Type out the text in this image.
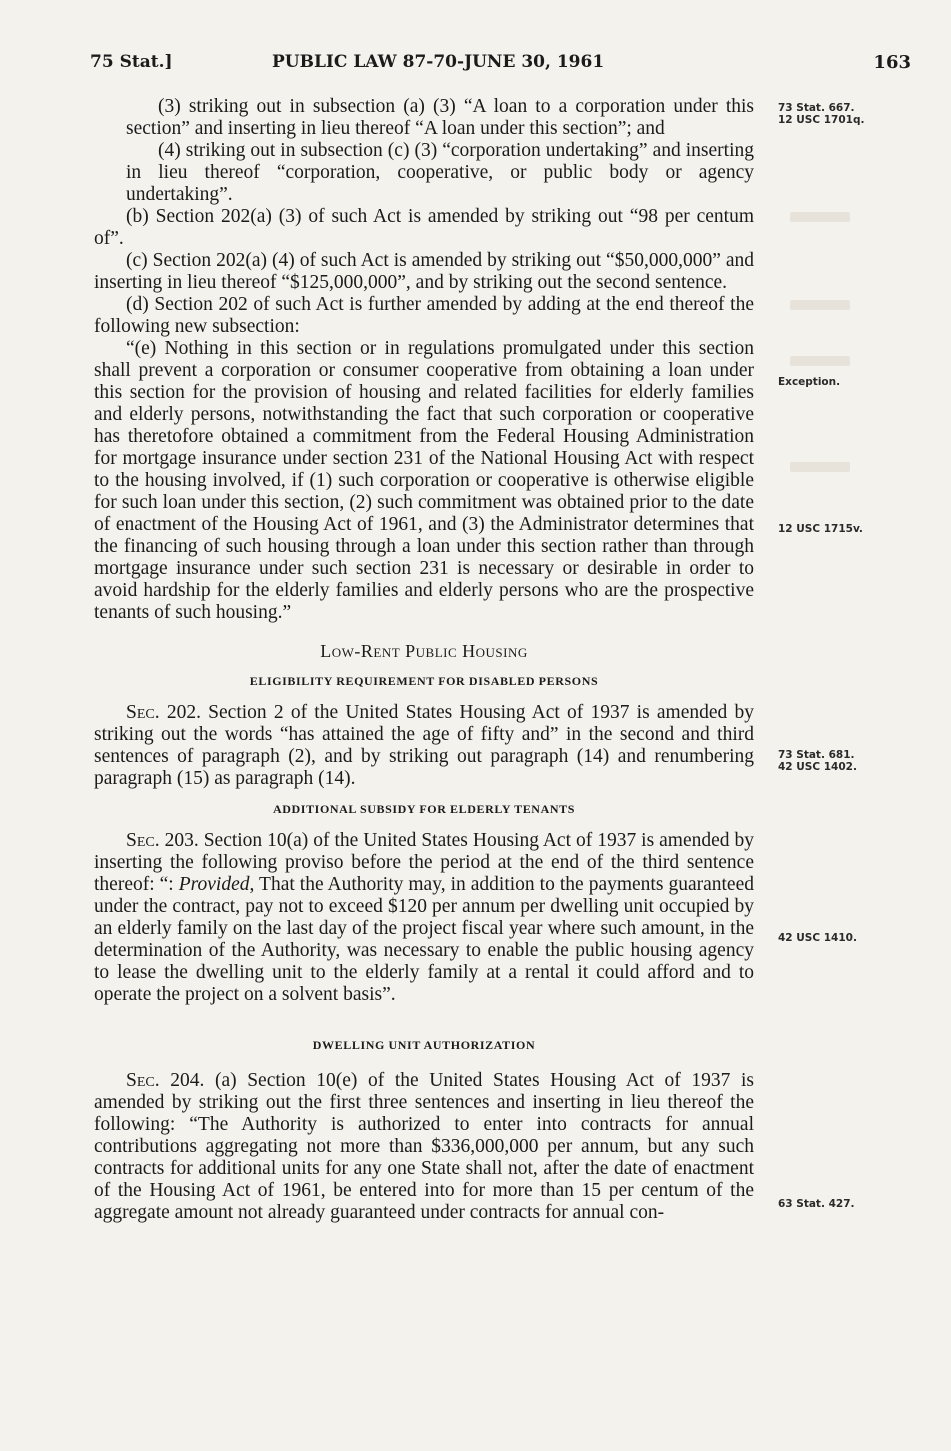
75 Stat.]	PUBLIC LAW 87-70-JUNE 30, 1961	163

(3) striking out in subsection (a) (3) “A loan to a corporation under this section” and inserting in lieu thereof “A loan under this section”; and

(4) striking out in subsection (c) (3) “corporation undertaking” and inserting in lieu thereof “corporation, cooperative, or public body or agency undertaking”.

(b) Section 202(a) (3) of such Act is amended by striking out “98 per centum of”.

(c) Section 202(a) (4) of such Act is amended by striking out “$50,000,000” and inserting in lieu thereof “$125,000,000”, and by striking out the second sentence.

(d) Section 202 of such Act is further amended by adding at the end thereof the following new subsection:

“(e) Nothing in this section or in regulations promulgated under this section shall prevent a corporation or consumer cooperative from obtaining a loan under this section for the provision of housing and related facilities for elderly families and elderly persons, notwithstanding the fact that such corporation or cooperative has theretofore obtained a commitment from the Federal Housing Administration for mortgage insurance under section 231 of the National Housing Act with respect to the housing involved, if (1) such corporation or cooperative is otherwise eligible for such loan under this section, (2) such commitment was obtained prior to the date of enactment of the Housing Act of 1961, and (3) the Administrator determines that the financing of such housing through a loan under this section rather than through mortgage insurance under such section 231 is necessary or desirable in order to avoid hardship for the elderly families and elderly persons who are the prospective tenants of such housing.”

Low-Rent Public Housing

ELIGIBILITY REQUIREMENT FOR DISABLED PERSONS

Sec. 202. Section 2 of the United States Housing Act of 1937 is amended by striking out the words “has attained the age of fifty and” in the second and third sentences of paragraph (2), and by striking out paragraph (14) and renumbering paragraph (15) as paragraph (14).

ADDITIONAL SUBSIDY FOR ELDERLY TENANTS

Sec. 203. Section 10(a) of the United States Housing Act of 1937 is amended by inserting the following proviso before the period at the end of the third sentence thereof: “: Provided, That the Authority may, in addition to the payments guaranteed under the contract, pay not to exceed $120 per annum per dwelling unit occupied by an elderly family on the last day of the project fiscal year where such amount, in the determination of the Authority, was necessary to enable the public housing agency to lease the dwelling unit to the elderly family at a rental it could afford and to operate the project on a solvent basis”.

DWELLING UNIT AUTHORIZATION

Sec. 204. (a) Section 10(e) of the United States Housing Act of 1937 is amended by striking out the first three sentences and inserting in lieu thereof the following: “The Authority is authorized to enter into contracts for annual contributions aggregating not more than $336,000,000 per annum, but any such contracts for additional units for any one State shall not, after the date of enactment of the Housing Act of 1961, be entered into for more than 15 per centum of the aggregate amount not already guaranteed under contracts for annual con-

73 Stat. 667.
12 USC 1701q.
Exception.
12 USC 1715v.
73 Stat. 681.
42 USC 1402.
42 USC 1410.
63 Stat. 427.
